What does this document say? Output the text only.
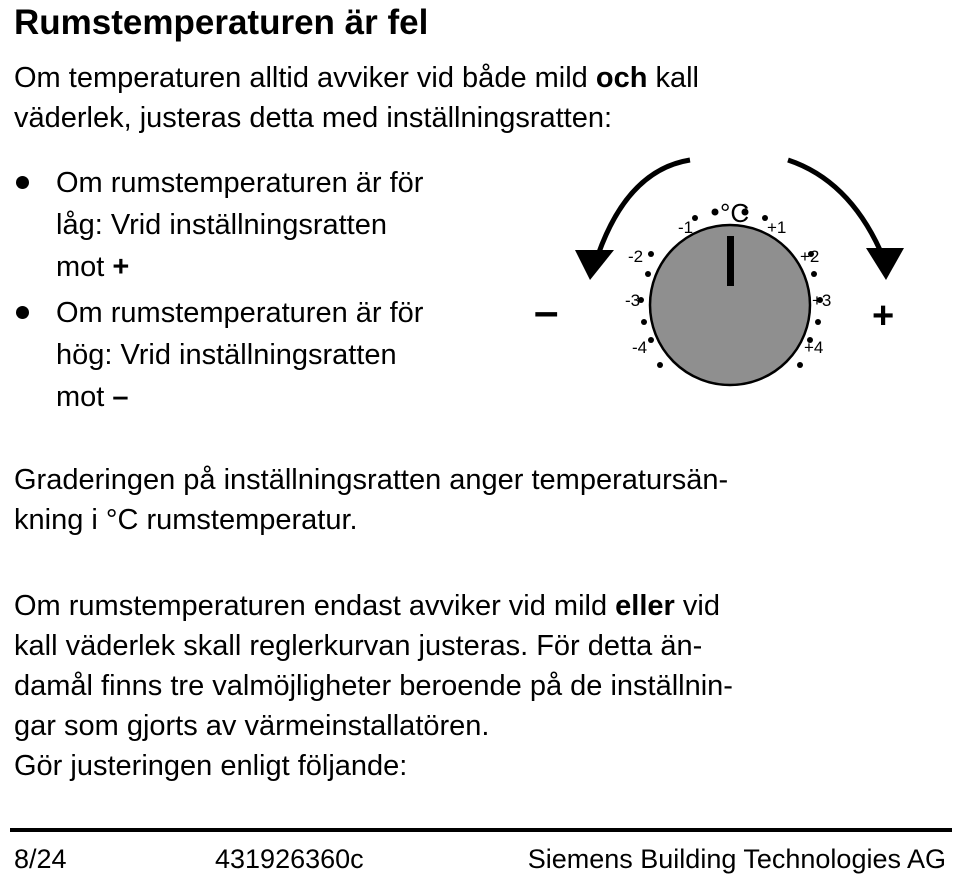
Rumstemperaturen är fel
Om temperaturen alltid avviker vid både mild och kall
väderlek, justeras detta med inställningsratten:
Om rumstemperaturen är för
låg: Vrid inställningsratten
mot +
Om rumstemperaturen är för
hög: Vrid inställningsratten
mot –
°C
-1
-2
-3
-4
+1
+2
+3
+4
–	+
Graderingen på inställningsratten anger temperatursän-
kning i °C rumstemperatur.
Om rumstemperaturen endast avviker vid mild eller vid
kall väderlek skall reglerkurvan justeras. För detta än-
damål finns tre valmöjligheter beroende på de inställnin-
gar som gjorts av värmeinstallatören.
Gör justeringen enligt följande:
8/24	431926360c	Siemens Building Technologies AG
